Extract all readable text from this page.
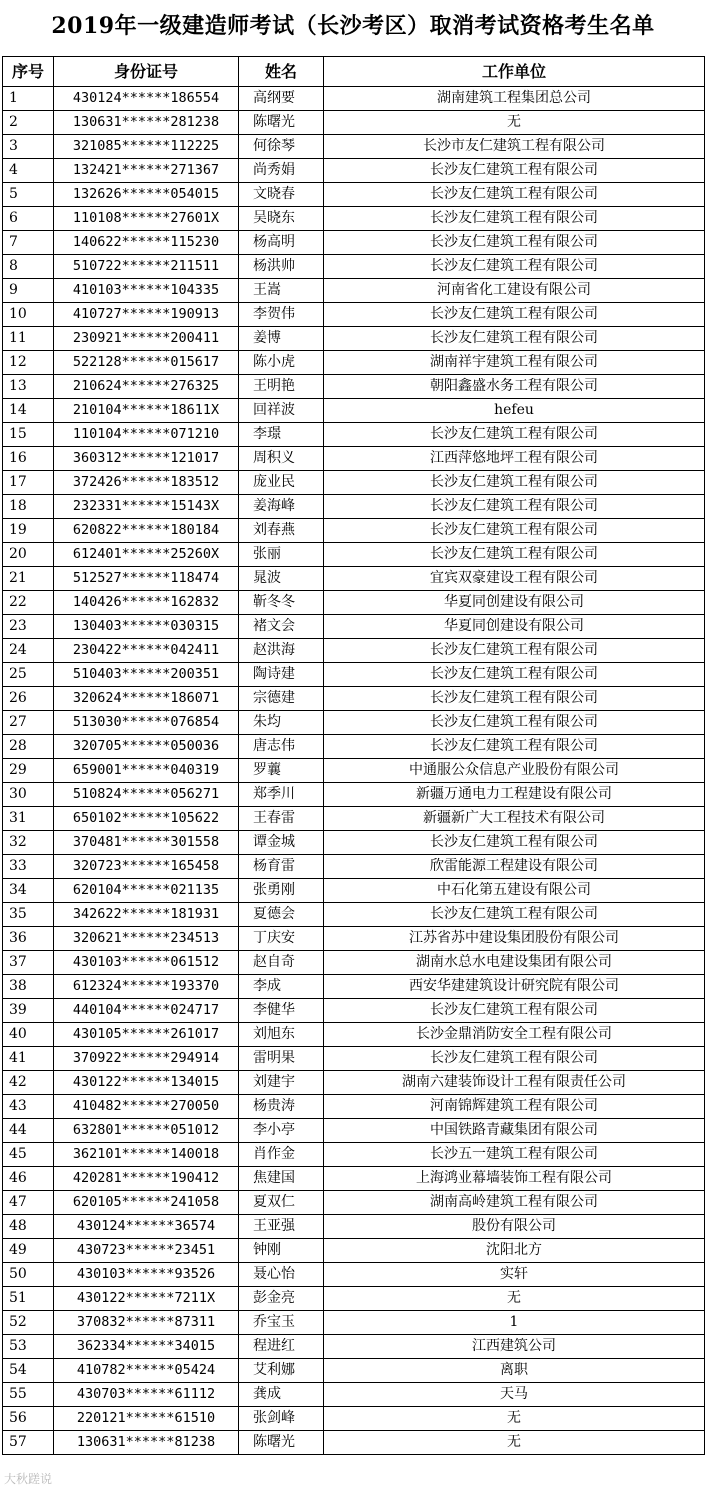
2019年一级建造师考试（长沙考区）取消考试资格考生名单
序号	身份证号	姓名	工作单位
1	430124******186554	高纲要	湖南建筑工程集团总公司
2	130631******281238	陈曙光	无
3	321085******112225	何徐琴	长沙市友仁建筑工程有限公司
4	132421******271367	尚秀娟	长沙友仁建筑工程有限公司
5	132626******054015	文晓春	长沙友仁建筑工程有限公司
6	110108******27601X	吴晓东	长沙友仁建筑工程有限公司
7	140622******115230	杨高明	长沙友仁建筑工程有限公司
8	510722******211511	杨洪帅	长沙友仁建筑工程有限公司
9	410103******104335	王嵩	河南省化工建设有限公司
10	410727******190913	李贺伟	长沙友仁建筑工程有限公司
11	230921******200411	姜博	长沙友仁建筑工程有限公司
12	522128******015617	陈小虎	湖南祥宇建筑工程有限公司
13	210624******276325	王明艳	朝阳鑫盛水务工程有限公司
14	210104******18611X	回祥波	hefeu
15	110104******071210	李璟	长沙友仁建筑工程有限公司
16	360312******121017	周积义	江西萍悠地坪工程有限公司
17	372426******183512	庞业民	长沙友仁建筑工程有限公司
18	232331******15143X	姜海峰	长沙友仁建筑工程有限公司
19	620822******180184	刘春燕	长沙友仁建筑工程有限公司
20	612401******25260X	张丽	长沙友仁建筑工程有限公司
21	512527******118474	晁波	宜宾双豪建设工程有限公司
22	140426******162832	靳冬冬	华夏同创建设有限公司
23	130403******030315	褚文会	华夏同创建设有限公司
24	230422******042411	赵洪海	长沙友仁建筑工程有限公司
25	510403******200351	陶诗建	长沙友仁建筑工程有限公司
26	320624******186071	宗德建	长沙友仁建筑工程有限公司
27	513030******076854	朱均	长沙友仁建筑工程有限公司
28	320705******050036	唐志伟	长沙友仁建筑工程有限公司
29	659001******040319	罗蘘	中通服公众信息产业股份有限公司
30	510824******056271	郑季川	新疆万通电力工程建设有限公司
31	650102******105622	王春雷	新疆新广大工程技术有限公司
32	370481******301558	谭金城	长沙友仁建筑工程有限公司
33	320723******165458	杨育雷	欣雷能源工程建设有限公司
34	620104******021135	张勇刚	中石化第五建设有限公司
35	342622******181931	夏德会	长沙友仁建筑工程有限公司
36	320621******234513	丁庆安	江苏省苏中建设集团股份有限公司
37	430103******061512	赵自奇	湖南水总水电建设集团有限公司
38	612324******193370	李成	西安华建建筑设计研究院有限公司
39	440104******024717	李健华	长沙友仁建筑工程有限公司
40	430105******261017	刘旭东	长沙金鼎消防安全工程有限公司
41	370922******294914	雷明果	长沙友仁建筑工程有限公司
42	430122******134015	刘建宇	湖南六建装饰设计工程有限责任公司
43	410482******270050	杨贵涛	河南锦辉建筑工程有限公司
44	632801******051012	李小亭	中国铁路青藏集团有限公司
45	362101******140018	肖作金	长沙五一建筑工程有限公司
46	420281******190412	焦建国	上海鸿业幕墙装饰工程有限公司
47	620105******241058	夏双仁	湖南高岭建筑工程有限公司
48	430124******36574	王亚强	股份有限公司
49	430723******23451	钟刚	沈阳北方
50	430103******93526	聂心怡	实轩
51	430122******7211X	彭金亮	无
52	370832******87311	乔宝玉	1
53	362334******34015	程进红	江西建筑公司
54	410782******05424	艾利娜	离职
55	430703******61112	龚成	天马
56	220121******61510	张剑峰	无
57	130631******81238	陈曙光	无
大秋蹉说
